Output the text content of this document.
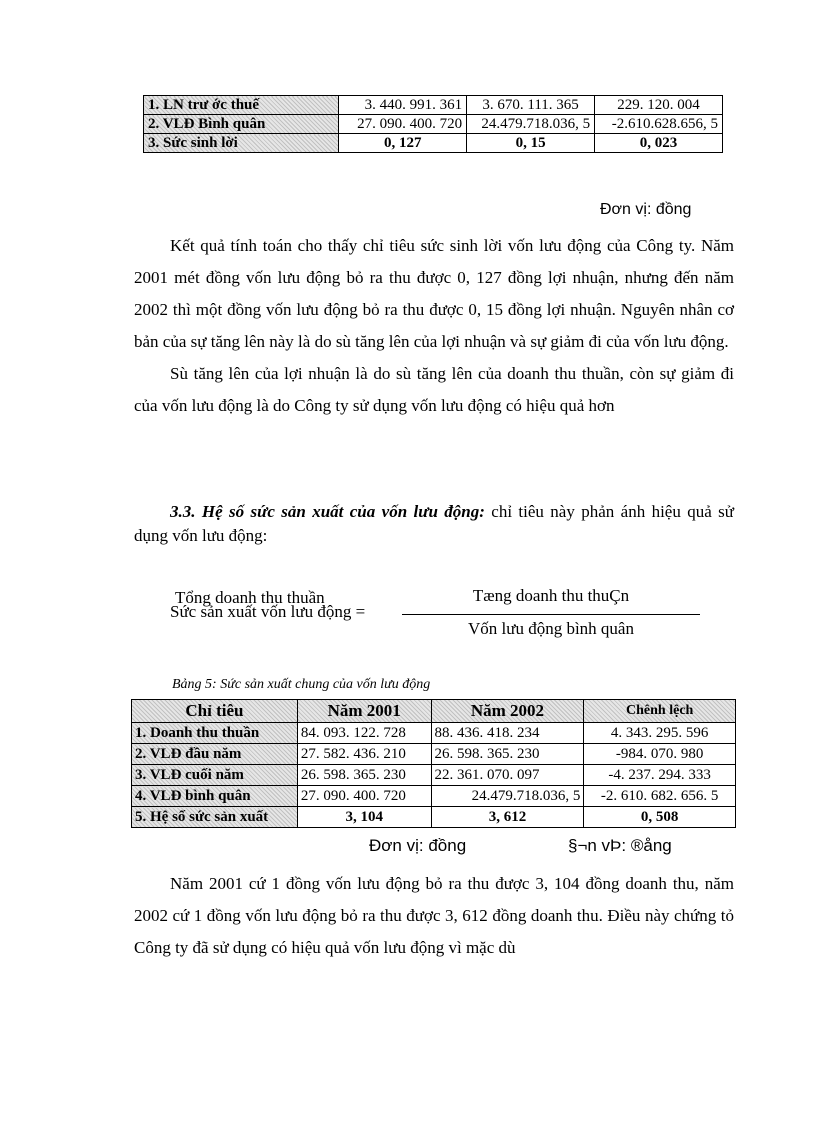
1. LN trư ớc thuế	3. 440. 991. 361	3. 670. 111. 365	229. 120. 004
2. VLĐ Bình quân	27. 090. 400. 720	24.479.718.036, 5	-2.610.628.656, 5
3. Sức sinh lời	0, 127	0, 15	0, 023
Đơn vị: đồng

Kết quả tính toán cho thấy chỉ tiêu sức sinh lời vốn lưu động của Công ty. Năm 2001 mét đồng vốn lưu động bỏ ra thu được 0, 127 đồng lợi nhuận, nhưng đến năm 2002 thì một đồng vốn lưu động bỏ ra thu được 0, 15 đồng lợi nhuận. Nguyên nhân cơ bản của sự tăng lên này là do sù tăng lên của lợi nhuận và sự giảm đi của vốn lưu động.

Sù tăng lên của lợi nhuận là do sù tăng lên của doanh thu thuần, còn sự giảm đi của vốn lưu động là do Công ty sử dụng vốn lưu động có hiệu quả hơn

3.3. Hệ số sức sản xuất của vốn lưu động: chỉ tiêu này phản ánh hiệu quả sử dụng vốn lưu động:
Tổng doanh thu thuần
Sức sản xuất vốn lưu động =
Tæng doanh thu thuÇn
Vốn lưu động bình quân
Bảng 5: Sức sản xuất chung của vốn lưu động
Chỉ tiêu	Năm 2001	Năm 2002	Chênh lệch
1. Doanh thu thuần	84. 093. 122. 728	88. 436. 418. 234	4. 343. 295. 596
2. VLĐ đầu năm	27. 582. 436. 210	26. 598. 365. 230	-984. 070. 980
3. VLĐ cuối năm	26. 598. 365. 230	22. 361. 070. 097	-4. 237. 294. 333
4. VLĐ bình quân	27. 090. 400. 720	24.479.718.036, 5	-2. 610. 682. 656. 5
5. Hệ số sức sản xuất	3, 104	3, 612	0, 508
Đơn vị: đồng	§¬n vÞ: ®ång

Năm 2001 cứ 1 đồng vốn lưu động bỏ ra thu được 3, 104 đồng doanh thu, năm 2002 cứ 1 đồng vốn lưu động bỏ ra thu được 3, 612 đồng doanh thu. Điều này chứng tỏ Công ty đã sử dụng có hiệu quả vốn lưu động vì mặc dù
